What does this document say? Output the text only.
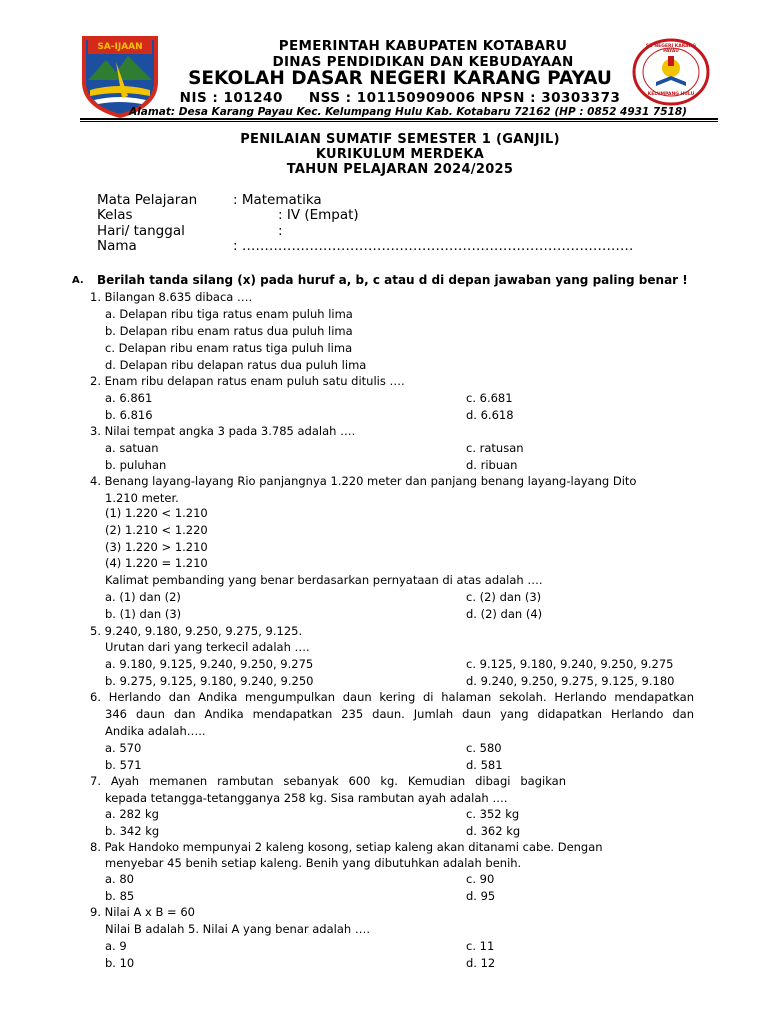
SA-IJAAN	SD NEGERI KARANG PAYAU
KELUMPANG HULU
PEMERINTAH KABUPATEN KOTABARU
DINAS PENDIDIKAN DAN KEBUDAYAAN
SEKOLAH DASAR NEGERI KARANG PAYAU
NIS : 101240     NSS : 101150909006 NPSN : 30303373
Alamat: Desa Karang Payau Kec. Kelumpang Hulu Kab. Kotabaru 72162 (HP : 0852 4931 7518)
PENILAIAN SUMATIF SEMESTER 1 (GANJIL)
KURIKULUM MERDEKA
TAHUN PELAJARAN 2024/2025
Mata Pelajaran	: Matematika
Kelas	: IV (Empat)
Hari/ tanggal	:
Nama	: ……………………………………………………………………………
A. Berilah tanda silang (x) pada huruf a, b, c atau d di depan jawaban yang paling benar !
1. Bilangan 8.635 dibaca ….
a. Delapan ribu tiga ratus enam puluh lima
b. Delapan ribu enam ratus dua puluh lima
c. Delapan ribu enam ratus tiga puluh lima
d. Delapan ribu delapan ratus dua puluh lima
2. Enam ribu delapan ratus enam puluh satu ditulis ….
a. 6.861	c. 6.681
b. 6.816	d. 6.618
3. Nilai tempat angka 3 pada 3.785 adalah ….
a. satuan	c. ratusan
b. puluhan	d. ribuan
4. Benang layang-layang Rio panjangnya 1.220 meter dan panjang benang layang-layang Dito
1.210 meter.
(1) 1.220 < 1.210
(2) 1.210 < 1.220
(3) 1.220 > 1.210
(4) 1.220 = 1.210
Kalimat pembanding yang benar berdasarkan pernyataan di atas adalah ….
a. (1) dan (2)	c. (2) dan (3)
b. (1) dan (3)	d. (2) dan (4)
5. 9.240, 9.180, 9.250, 9.275, 9.125.
Urutan dari yang terkecil adalah ….
a. 9.180, 9.125, 9.240, 9.250, 9.275	c. 9.125, 9.180, 9.240, 9.250, 9.275
b. 9.275, 9.125, 9.180, 9.240, 9.250	d. 9.240, 9.250, 9.275, 9.125, 9.180
6. Herlando dan Andika mengumpulkan daun kering di halaman sekolah. Herlando mendapatkan
346 daun dan Andika mendapatkan 235 daun. Jumlah daun yang didapatkan Herlando dan
Andika adalah…..
a. 570	c. 580
b. 571	d. 581
7. Ayah memanen rambutan sebanyak 600 kg. Kemudian dibagi bagikan
kepada tetangga-tetangganya 258 kg. Sisa rambutan ayah adalah ….
a. 282 kg	c. 352 kg
b. 342 kg	d. 362 kg
8. Pak Handoko mempunyai 2 kaleng kosong, setiap kaleng akan ditanami cabe. Dengan
menyebar 45 benih setiap kaleng. Benih yang dibutuhkan adalah benih.
a. 80	c. 90
b. 85	d. 95
9. Nilai A x B = 60
Nilai B adalah 5. Nilai A yang benar adalah ….
a. 9	c. 11
b. 10	d. 12
